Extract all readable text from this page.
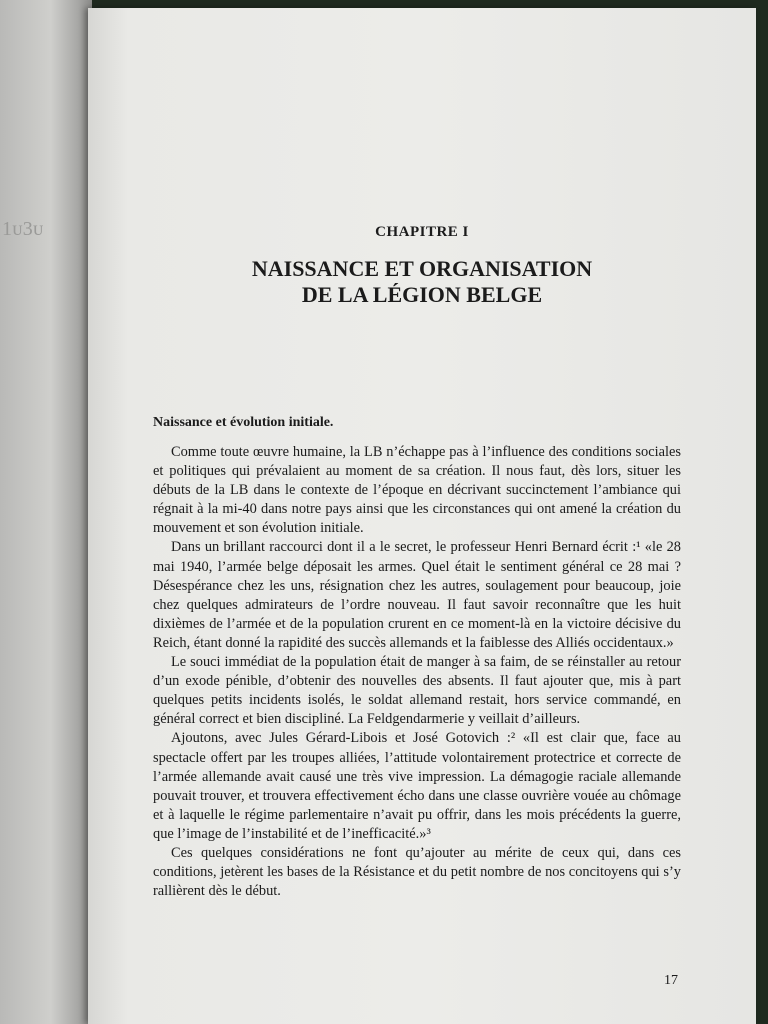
1ᴜ3ᴜ	CHAPITRE I
NAISSANCE ET ORGANISATION
DE LA LÉGION BELGE
Naissance et évolution initiale.

Comme toute œuvre humaine, la LB n’échappe pas à l’influence des conditions sociales et politiques qui prévalaient au moment de sa création. Il nous faut, dès lors, situer les débuts de la LB dans le contexte de l’époque en décrivant succinctement l’ambiance qui régnait à la mi-40 dans notre pays ainsi que les circonstances qui ont amené la création du mouvement et son évolution initiale.

Dans un brillant raccourci dont il a le secret, le professeur Henri Bernard écrit :¹ «le 28 mai 1940, l’armée belge déposait les armes. Quel était le sentiment général ce 28 mai ? Désespérance chez les uns, résignation chez les autres, soulagement pour beaucoup, joie chez quelques admirateurs de l’ordre nouveau. Il faut savoir reconnaître que les huit dixièmes de l’armée et de la population crurent en ce moment-là en la victoire décisive du Reich, étant donné la rapidité des succès allemands et la faiblesse des Alliés occidentaux.»

Le souci immédiat de la population était de manger à sa faim, de se réinstaller au retour d’un exode pénible, d’obtenir des nouvelles des absents. Il faut ajouter que, mis à part quelques petits incidents isolés, le soldat allemand restait, hors service commandé, en général correct et bien discipliné. La Feldgendarmerie y veillait d’ailleurs.

Ajoutons, avec Jules Gérard-Libois et José Gotovich :² «Il est clair que, face au spectacle offert par les troupes alliées, l’attitude volontairement protectrice et correcte de l’armée allemande avait causé une très vive impression. La démagogie raciale allemande pouvait trouver, et trouvera effectivement écho dans une classe ouvrière vouée au chômage et à laquelle le régime parlementaire n’avait pu offrir, dans les mois précédents la guerre, que l’image de l’instabilité et de l’inefficacité.»³

Ces quelques considérations ne font qu’ajouter au mérite de ceux qui, dans ces conditions, jetèrent les bases de la Résistance et du petit nombre de nos concitoyens qui s’y rallièrent dès le début.

17
